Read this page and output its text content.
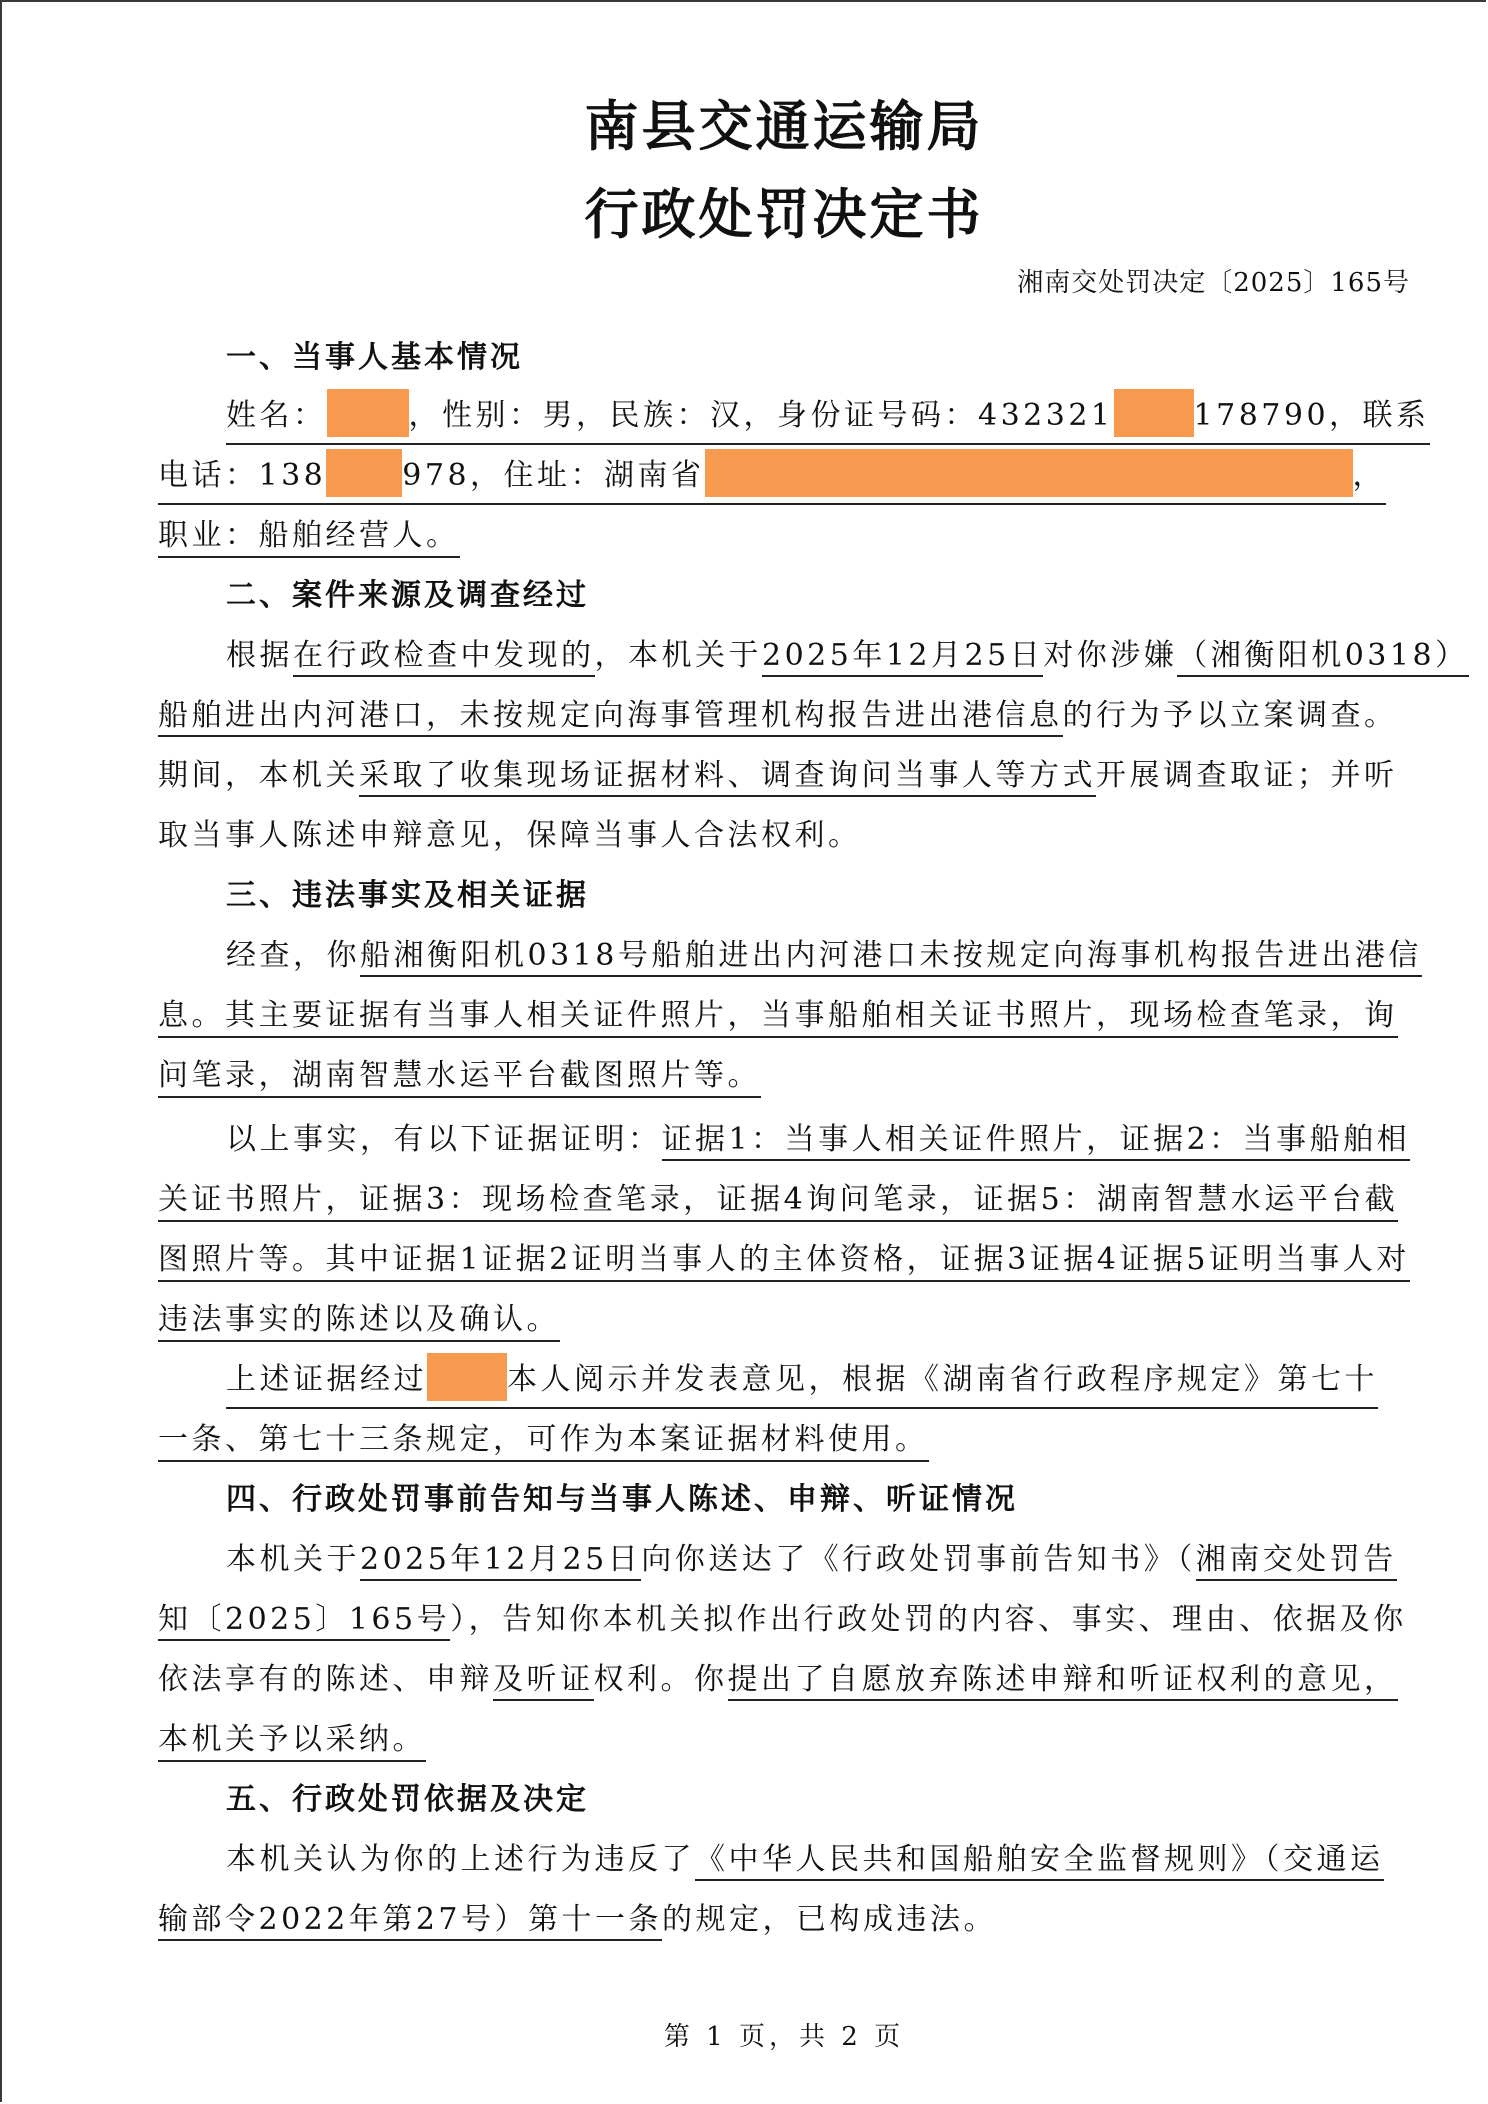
南县交通运输局
行政处罚决定书
湘南交处罚决定〔2025〕165号
一、当事人基本情况
姓名：	，性别：男，民族：汉，身份证号码：432321	178790，联系
电话：138	978，住址：湖南省	，
职业：船舶经营人。
二、案件来源及调查经过
根据在行政检查中发现的，本机关于2025年12月25日对你涉嫌（湘衡阳机0318）
船舶进出内河港口，未按规定向海事管理机构报告进出港信息的行为予以立案调查。
期间，本机关采取了收集现场证据材料、调查询问当事人等方式开展调查取证；并听
取当事人陈述申辩意见，保障当事人合法权利。
三、违法事实及相关证据
经查，你船湘衡阳机0318号船舶进出内河港口未按规定向海事机构报告进出港信
息。其主要证据有当事人相关证件照片，当事船舶相关证书照片，现场检查笔录，询
问笔录，湖南智慧水运平台截图照片等。
以上事实，有以下证据证明：证据1：当事人相关证件照片，证据2：当事船舶相
关证书照片，证据3：现场检查笔录，证据4询问笔录，证据5：湖南智慧水运平台截
图照片等。其中证据1证据2证明当事人的主体资格，证据3证据4证据5证明当事人对
违法事实的陈述以及确认。
上述证据经过	本人阅示并发表意见，根据《湖南省行政程序规定》第七十
一条、第七十三条规定，可作为本案证据材料使用。
四、行政处罚事前告知与当事人陈述、申辩、听证情况
本机关于2025年12月25日向你送达了《行政处罚事前告知书》（湘南交处罚告
知〔2025〕165号），告知你本机关拟作出行政处罚的内容、事实、理由、依据及你
依法享有的陈述、申辩及听证权利。你提出了自愿放弃陈述申辩和听证权利的意见，
本机关予以采纳。
五、行政处罚依据及决定
本机关认为你的上述行为违反了《中华人民共和国船舶安全监督规则》（交通运
输部令2022年第27号）第十一条的规定，已构成违法。
第 1 页，共 2 页
